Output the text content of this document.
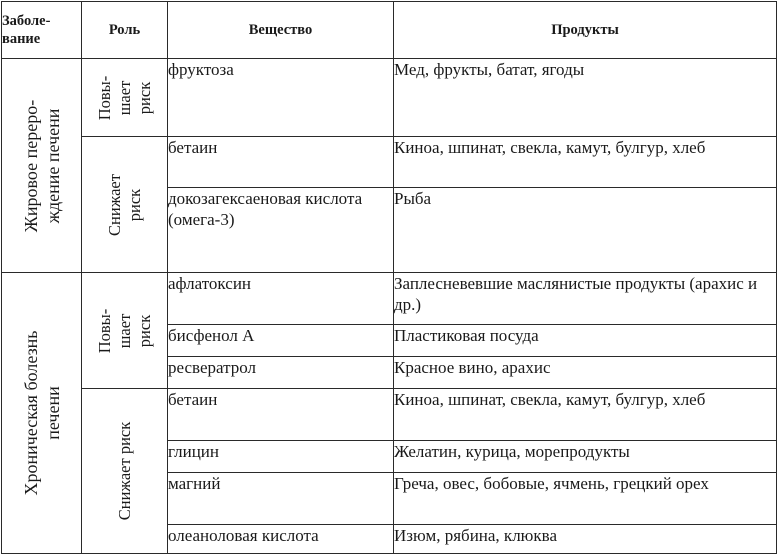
Заболе-
вание	Роль	Вещество	Продукты

Жировое переро- ждение печени	Повы- шает риск	фруктоза	Мед, фрукты, батат, ягоды

	Снижает риск	бетаин	Киноа, шпинат, свекла, камут, булгур, хлеб
		докозагексаеновая кислота (омега-3)	Рыба

Хроническая болезнь печени	Повы- шает риск	афлатоксин	Заплесневевшие маслянистые продукты (арахис и др.)
		бисфенол А	Пластиковая посуда
		ресвератрол	Красное вино, арахис

	Снижает риск	бетаин	Киноа, шпинат, свекла, камут, булгур, хлеб
		глицин	Желатин, курица, морепродукты
		магний	Греча, овес, бобовые, ячмень, грецкий орех
		олеаноловая кислота	Изюм, рябина, клюква
